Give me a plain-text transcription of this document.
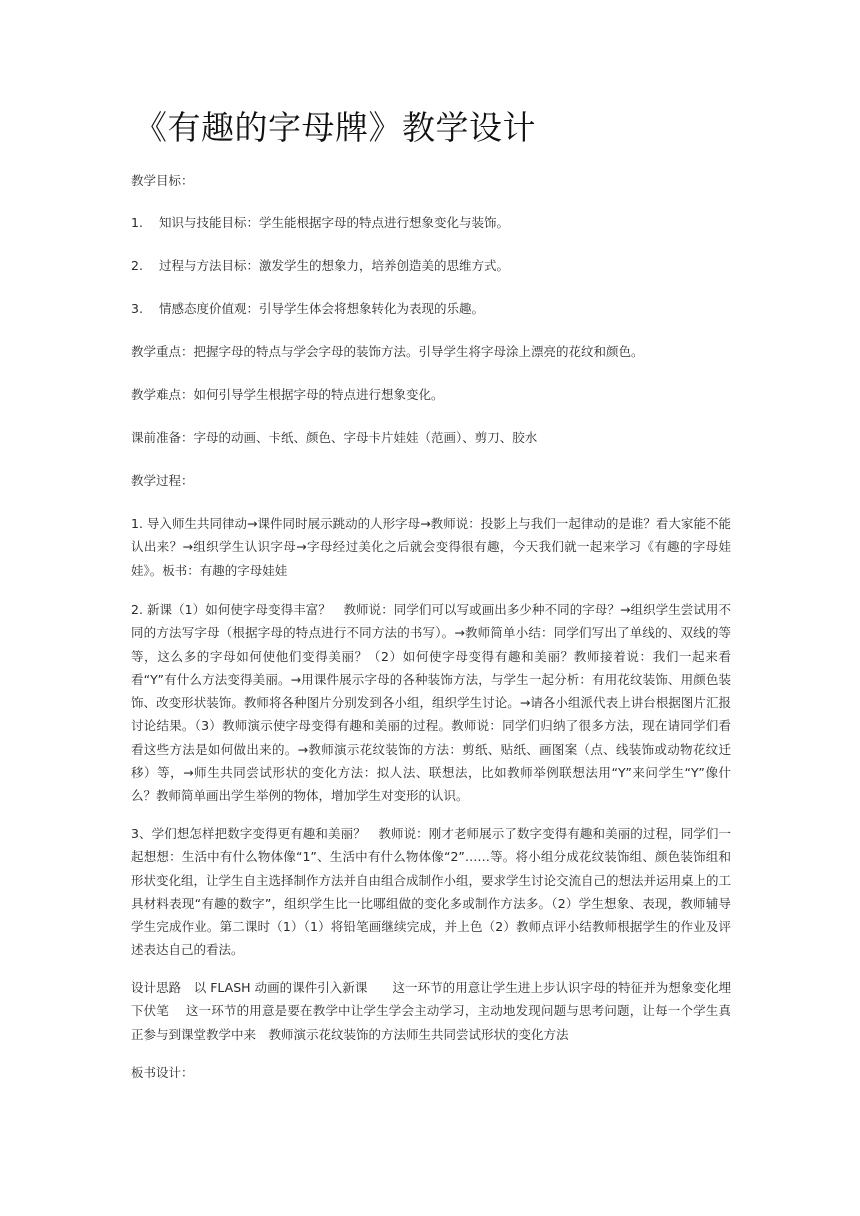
《有趣的字母牌》教学设计
教学目标：
1. 知识与技能目标：学生能根据字母的特点进行想象变化与装饰。
2. 过程与方法目标：激发学生的想象力，培养创造美的思维方式。
3. 情感态度价值观：引导学生体会将想象转化为表现的乐趣。
教学重点：把握字母的特点与学会字母的装饰方法。引导学生将字母涂上漂亮的花纹和颜色。
教学难点：如何引导学生根据字母的特点进行想象变化。
课前准备：字母的动画、卡纸、颜色、字母卡片娃娃（范画）、剪刀、胶水
教学过程：
1. 导入师生共同律动→课件同时展示跳动的人形字母→教师说：投影上与我们一起律动的是谁？看大家能不能认出来？→组织学生认识字母→字母经过美化之后就会变得很有趣，今天我们就一起来学习《有趣的字母娃娃》。板书：有趣的字母娃娃
2. 新课（1）如何使字母变得丰富？　教师说：同学们可以写或画出多少种不同的字母？→组织学生尝试用不同的方法写字母（根据字母的特点进行不同方法的书写）。→教师简单小结：同学们写出了单线的、双线的等等，这么多的字母如何使他们变得美丽？（2）如何使字母变得有趣和美丽？教师接着说：我们一起来看看“Y”有什么方法变得美丽。→用课件展示字母的各种装饰方法，与学生一起分析：有用花纹装饰、用颜色装饰、改变形状装饰。教师将各种图片分别发到各小组，组织学生讨论。→请各小组派代表上讲台根据图片汇报讨论结果。（3）教师演示使字母变得有趣和美丽的过程。教师说：同学们归纳了很多方法，现在请同学们看看这些方法是如何做出来的。→教师演示花纹装饰的方法：剪纸、贴纸、画图案（点、线装饰或动物花纹迁移）等，→师生共同尝试形状的变化方法：拟人法、联想法，比如教师举例联想法用“Y”来问学生“Y”像什么？教师简单画出学生举例的物体，增加学生对变形的认识。
3、学们想怎样把数字变得更有趣和美丽？　教师说：刚才老师展示了数字变得有趣和美丽的过程，同学们一起想想：生活中有什么物体像“1”、生活中有什么物体像“2”……等。将小组分成花纹装饰组、颜色装饰组和形状变化组，让学生自主选择制作方法并自由组合成制作小组，要求学生讨论交流自己的想法并运用桌上的工具材料表现“有趣的数字”，组织学生比一比哪组做的变化多或制作方法多。（2）学生想象、表现，教师辅导学生完成作业。第二课时（1）（1）将铅笔画继续完成，并上色（2）教师点评小结教师根据学生的作业及评述表达自己的看法。
设计思路　以 FLASH 动画的课件引入新课　　这一环节的用意让学生进上步认识字母的特征并为想象变化埋下伏笔　 这一环节的用意是要在教学中让学生学会主动学习，主动地发现问题与思考问题，让每一个学生真正参与到课堂教学中来　教师演示花纹装饰的方法师生共同尝试形状的变化方法
板书设计：
